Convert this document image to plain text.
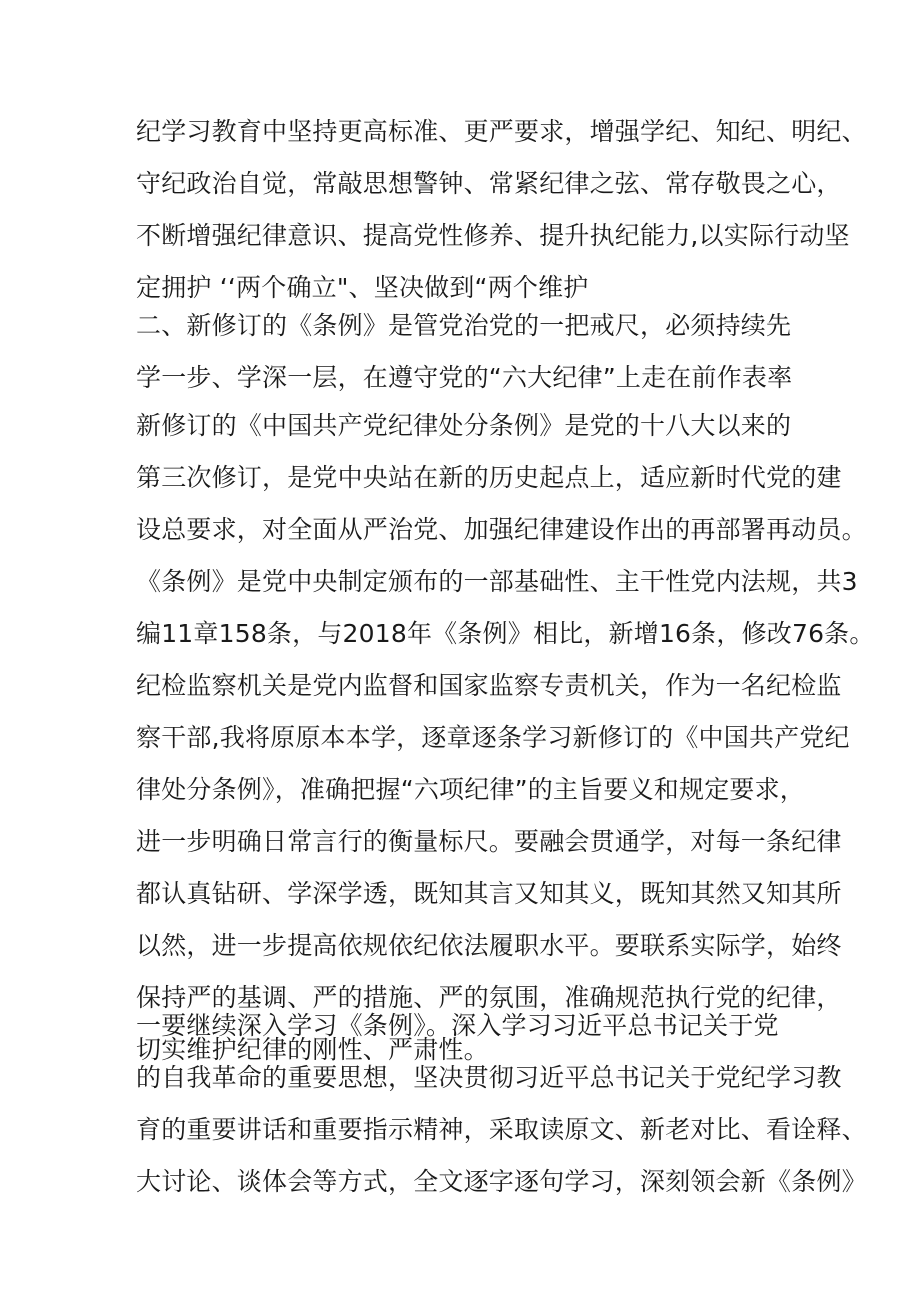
纪学习教育中坚持更高标准、更严要求，增强学纪、知纪、明纪、
守纪政治自觉，常敲思想警钟、常紧纪律之弦、常存敬畏之心，
不断增强纪律意识、提高党性修养、提升执纪能力,以实际行动坚
定拥护 ‘‘两个确立"、坚决做到“两个维护
二、新修订的《条例》是管党治党的一把戒尺，必须持续先
学一步、学深一层，在遵守党的“六大纪律”上走在前作表率
新修订的《中国共产党纪律处分条例》是党的十八大以来的
第三次修订，是党中央站在新的历史起点上，适应新时代党的建
设总要求，对全面从严治党、加强纪律建设作出的再部署再动员。
《条例》是党中央制定颁布的一部基础性、主干性党内法规，共3
编11章158条，与2018年《条例》相比，新增16条，修改76条。
纪检监察机关是党内监督和国家监察专责机关，作为一名纪检监
察干部,我将原原本本学，逐章逐条学习新修订的《中国共产党纪
律处分条例》，准确把握“六项纪律”的主旨要义和规定要求，
进一步明确日常言行的衡量标尺。要融会贯通学，对每一条纪律
都认真钻研、学深学透，既知其言又知其义，既知其然又知其所
以然，进一步提高依规依纪依法履职水平。要联系实际学，始终
保持严的基调、严的措施、严的氛围，准确规范执行党的纪律，
切实维护纪律的刚性、严肃性。
一要继续深入学习《条例》。深入学习习近平总书记关于党
的自我革命的重要思想，坚决贯彻习近平总书记关于党纪学习教
育的重要讲话和重要指示精神，采取读原文、新老对比、看诠释、
大讨论、谈体会等方式，全文逐字逐句学习，深刻领会新《条例》
